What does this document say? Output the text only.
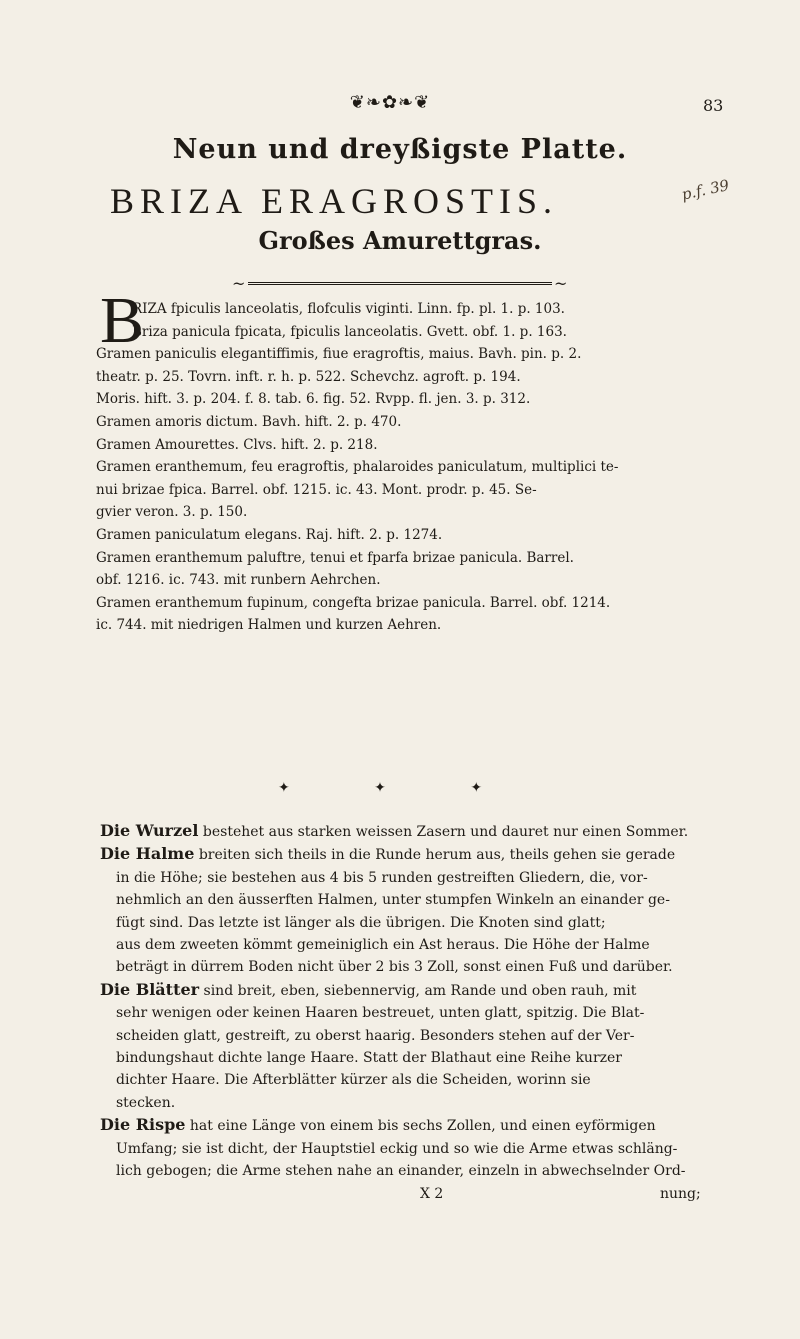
❦❧✿❧❦	83
Neun und dreyßigste Platte.
BRIZA ERAGROSTIS.	p.f. 39
Großes Amurettgras.
~	~
B
RIZA fpiculis lanceolatis, flofculis viginti. Linn. fp. pl. 1. p. 103.
Briza panicula fpicata, fpiculis lanceolatis. Gvett. obf. 1. p. 163.
Gramen paniculis elegantiffimis, fiue eragroftis, maius. Bavh. pin. p. 2.
theatr. p. 25. Tovrn. inft. r. h. p. 522. Schevchz. agroft. p. 194.
Moris. hift. 3. p. 204. f. 8. tab. 6. fig. 52. Rvpp. fl. jen. 3. p. 312.
Gramen amoris dictum. Bavh. hift. 2. p. 470.
Gramen Amourettes. Clvs. hift. 2. p. 218.
Gramen eranthemum, feu eragroftis, phalaroides paniculatum, multiplici te-
nui brizae fpica. Barrel. obf. 1215. ic. 43. Mont. prodr. p. 45. Se-
gvier veron. 3. p. 150.
Gramen paniculatum elegans. Raj. hift. 2. p. 1274.
Gramen eranthemum paluftre, tenui et fparfa brizae panicula. Barrel.
obf. 1216. ic. 743. mit runbern Aehrchen.
Gramen eranthemum fupinum, congefta brizae panicula. Barrel. obf. 1214.
ic. 744. mit niedrigen Halmen und kurzen Aehren.
✦ ✦ ✦
Die Wurzel bestehet aus starken weissen Zasern und dauret nur einen Sommer.
Die Halme breiten sich theils in die Runde herum aus, theils gehen sie gerade
in die Höhe; sie bestehen aus 4 bis 5 runden gestreiften Gliedern, die, vor-
nehmlich an den äusserften Halmen, unter stumpfen Winkeln an einander ge-
fügt sind. Das letzte ist länger als die übrigen. Die Knoten sind glatt;
aus dem zweeten kömmt gemeiniglich ein Ast heraus. Die Höhe der Halme
beträgt in dürrem Boden nicht über 2 bis 3 Zoll, sonst einen Fuß und darüber.
Die Blätter sind breit, eben, siebennervig, am Rande und oben rauh, mit
sehr wenigen oder keinen Haaren bestreuet, unten glatt, spitzig. Die Blat-
scheiden glatt, gestreift, zu oberst haarig. Besonders stehen auf der Ver-
bindungshaut dichte lange Haare. Statt der Blathaut eine Reihe kurzer
dichter Haare. Die Afterblätter kürzer als die Scheiden, worinn sie
stecken.
Die Rispe hat eine Länge von einem bis sechs Zollen, und einen eyförmigen
Umfang; sie ist dicht, der Hauptstiel eckig und so wie die Arme etwas schläng-
lich gebogen; die Arme stehen nahe an einander, einzeln in abwechselnder Ord-
X 2	nung;
